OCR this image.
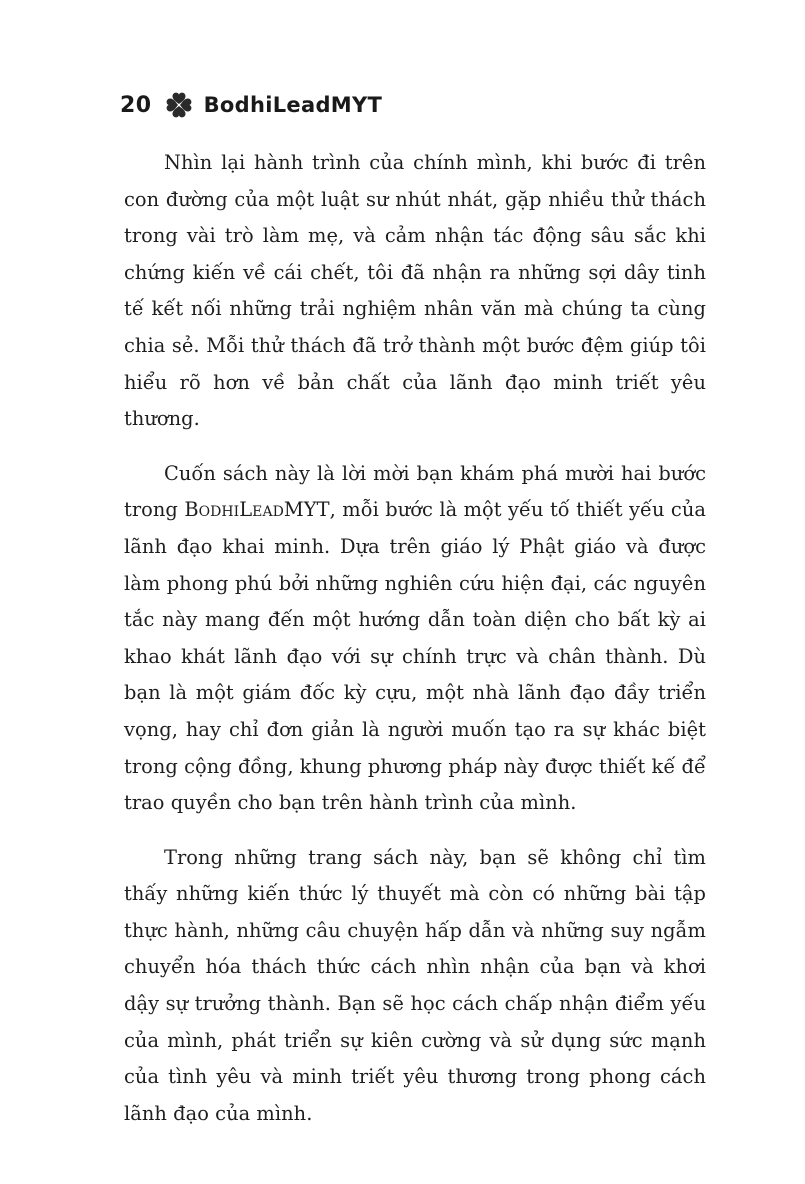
20 BodhiLeadMYT

Nhìn lại hành trình của chính mình, khi bước đi trên con đường của một luật sư nhút nhát, gặp nhiều thử thách trong vài trò làm mẹ, và cảm nhận tác động sâu sắc khi chứng kiến về cái chết, tôi đã nhận ra những sợi dây tinh tế kết nối những trải nghiệm nhân văn mà chúng ta cùng chia sẻ. Mỗi thử thách đã trở thành một bước đệm giúp tôi hiểu rõ hơn về bản chất của lãnh đạo minh triết yêu thương.

Cuốn sách này là lời mời bạn khám phá mười hai bước trong BodhiLeadMYT, mỗi bước là một yếu tố thiết yếu của lãnh đạo khai minh. Dựa trên giáo lý Phật giáo và được làm phong phú bởi những nghiên cứu hiện đại, các nguyên tắc này mang đến một hướng dẫn toàn diện cho bất kỳ ai khao khát lãnh đạo với sự chính trực và chân thành. Dù bạn là một giám đốc kỳ cựu, một nhà lãnh đạo đầy triển vọng, hay chỉ đơn giản là người muốn tạo ra sự khác biệt trong cộng đồng, khung phương pháp này được thiết kế để trao quyền cho bạn trên hành trình của mình.

Trong những trang sách này, bạn sẽ không chỉ tìm thấy những kiến thức lý thuyết mà còn có những bài tập thực hành, những câu chuyện hấp dẫn và những suy ngẫm chuyển hóa thách thức cách nhìn nhận của bạn và khơi dậy sự trưởng thành. Bạn sẽ học cách chấp nhận điểm yếu của mình, phát triển sự kiên cường và sử dụng sức mạnh của tình yêu và minh triết yêu thương trong phong cách lãnh đạo của mình.
